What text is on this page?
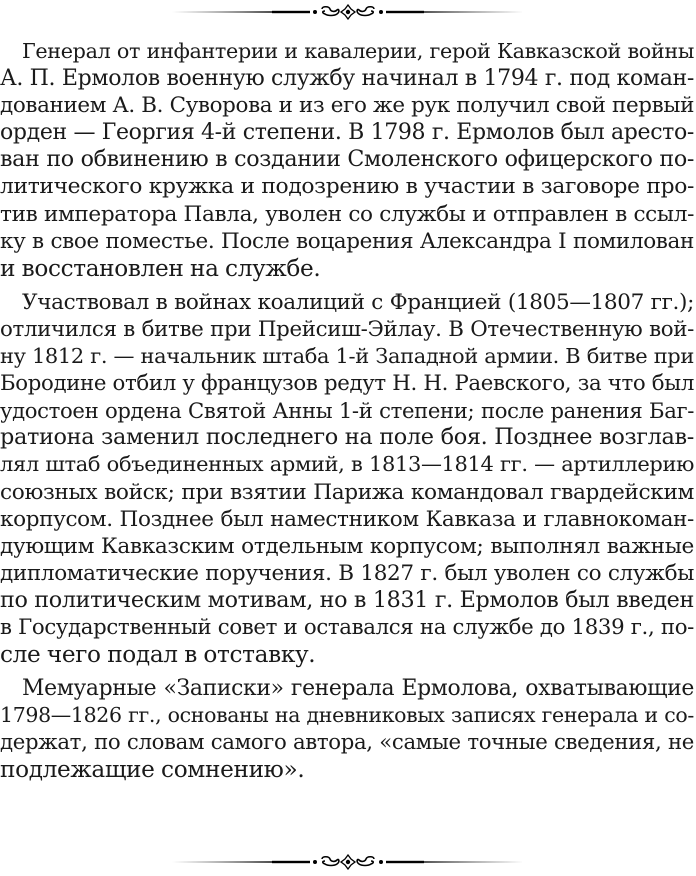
Генерал от инфантерии и кавалерии, герой Кавказской войны
А. П. Ермолов военную службу начинал в 1794 г. под коман-
дованием А. В. Суворова и из его же рук получил свой первый
орден — Георгия 4-й степени. В 1798 г. Ермолов был аресто-
ван по обвинению в создании Смоленского офицерского по-
литического кружка и подозрению в участии в заговоре про-
тив императора Павла, уволен со службы и отправлен в ссыл-
ку в свое поместье. После воцарения Александра I помилован
и восстановлен на службе.

Участвовал в войнах коалиций с Францией (1805—1807 гг.);
отличился в битве при Прейсиш-Эйлау. В Отечественную вой-
ну 1812 г. — начальник штаба 1-й Западной армии. В битве при
Бородине отбил у французов редут Н. Н. Раевского, за что был
удостоен ордена Святой Анны 1-й степени; после ранения Баг-
ратиона заменил последнего на поле боя. Позднее возглав-
лял штаб объединенных армий, в 1813—1814 гг. — артиллерию
союзных войск; при взятии Парижа командовал гвардейским
корпусом. Позднее был наместником Кавказа и главнокоман-
дующим Кавказским отдельным корпусом; выполнял важные
дипломатические поручения. В 1827 г. был уволен со службы
по политическим мотивам, но в 1831 г. Ермолов был введен
в Государственный совет и оставался на службе до 1839 г., по-
сле чего подал в отставку.

Мемуарные «Записки» генерала Ермолова, охватывающие
1798—1826 гг., основаны на дневниковых записях генерала и со-
держат, по словам самого автора, «самые точные сведения, не
подлежащие сомнению».
